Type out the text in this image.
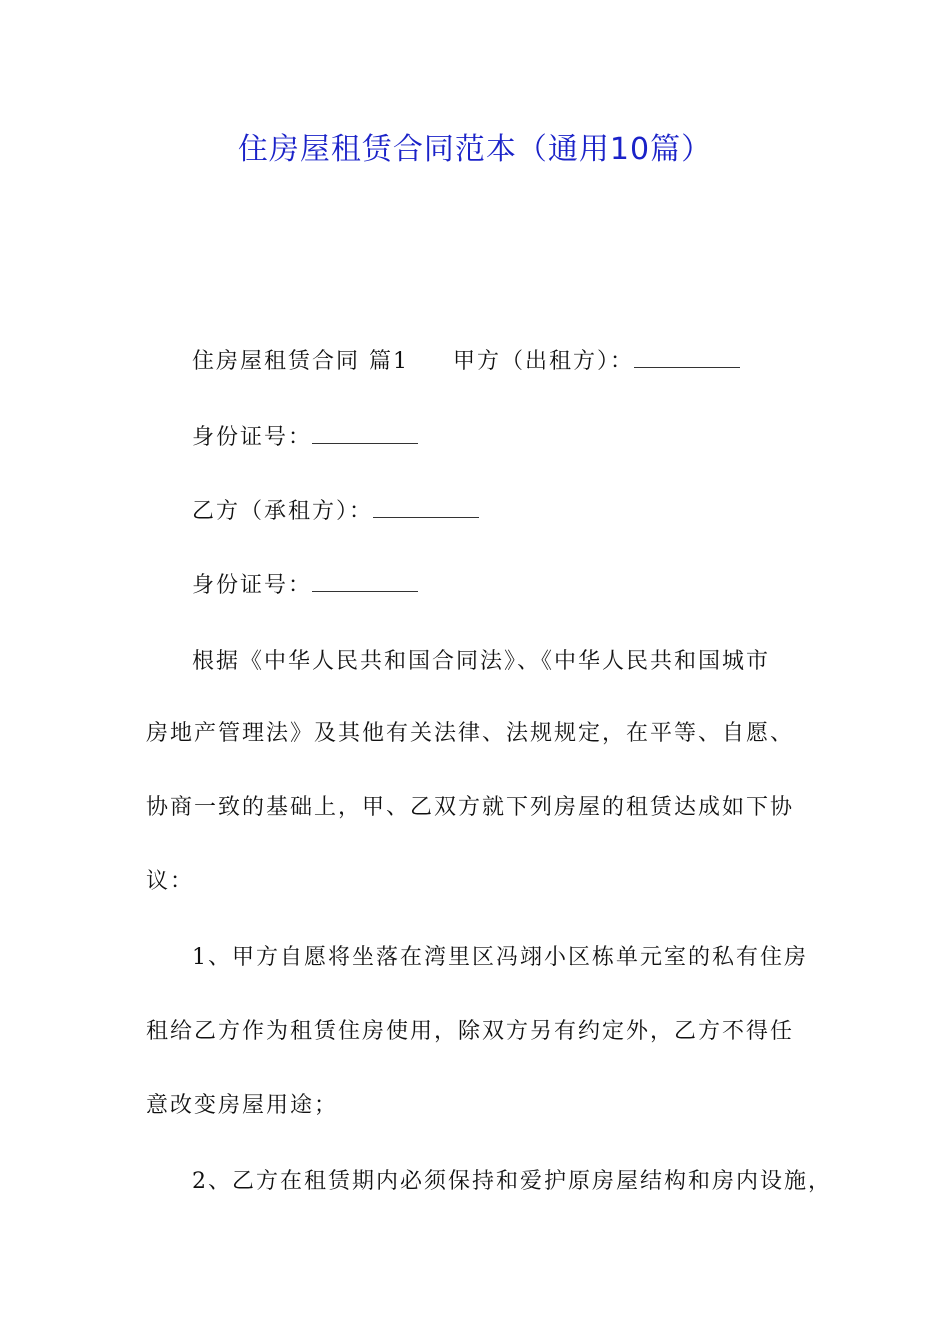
住房屋租赁合同范本（通用10篇）
住房屋租赁合同 篇1 甲方（出租方）：
身份证号：
乙方（承租方）：
身份证号：
根据《中华人民共和国合同法》、《中华人民共和国城市
房地产管理法》及其他有关法律、法规规定，在平等、自愿、
协商一致的基础上，甲、乙双方就下列房屋的租赁达成如下协
议：
1、甲方自愿将坐落在湾里区冯翊小区栋单元室的私有住房
租给乙方作为租赁住房使用，除双方另有约定外，乙方不得任
意改变房屋用途；
2、乙方在租赁期内必须保持和爱护原房屋结构和房内设施，
